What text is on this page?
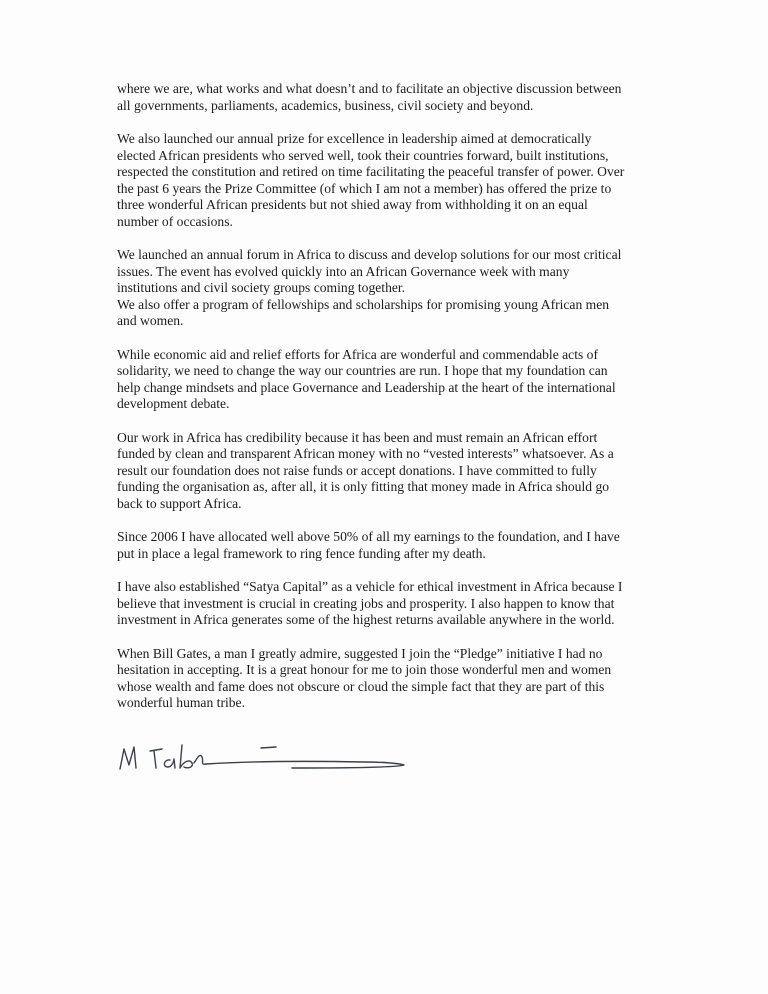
where we are, what works and what doesn’t and to facilitate an objective discussion between
all governments, parliaments, academics, business, civil society and beyond.

We also launched our annual prize for excellence in leadership aimed at democratically
elected African presidents who served well, took their countries forward, built institutions,
respected the constitution and retired on time facilitating the peaceful transfer of power. Over
the past 6 years the Prize Committee (of which I am not a member) has offered the prize to
three wonderful African presidents but not shied away from withholding it on an equal
number of occasions.

We launched an annual forum in Africa to discuss and develop solutions for our most critical
issues. The event has evolved quickly into an African Governance week with many
institutions and civil society groups coming together.

We also offer a program of fellowships and scholarships for promising young African men
and women.

While economic aid and relief efforts for Africa are wonderful and commendable acts of
solidarity, we need to change the way our countries are run. I hope that my foundation can
help change mindsets and place Governance and Leadership at the heart of the international
development debate.

Our work in Africa has credibility because it has been and must remain an African effort
funded by clean and transparent African money with no “vested interests” whatsoever. As a
result our foundation does not raise funds or accept donations. I have committed to fully
funding the organisation as, after all, it is only fitting that money made in Africa should go
back to support Africa.

Since 2006 I have allocated well above 50% of all my earnings to the foundation, and I have
put in place a legal framework to ring fence funding after my death.

I have also established “Satya Capital” as a vehicle for ethical investment in Africa because I
believe that investment is crucial in creating jobs and prosperity. I also happen to know that
investment in Africa generates some of the highest returns available anywhere in the world.

When Bill Gates, a man I greatly admire, suggested I join the “Pledge” initiative I had no
hesitation in accepting. It is a great honour for me to join those wonderful men and women
whose wealth and fame does not obscure or cloud the simple fact that they are part of this
wonderful human tribe.
